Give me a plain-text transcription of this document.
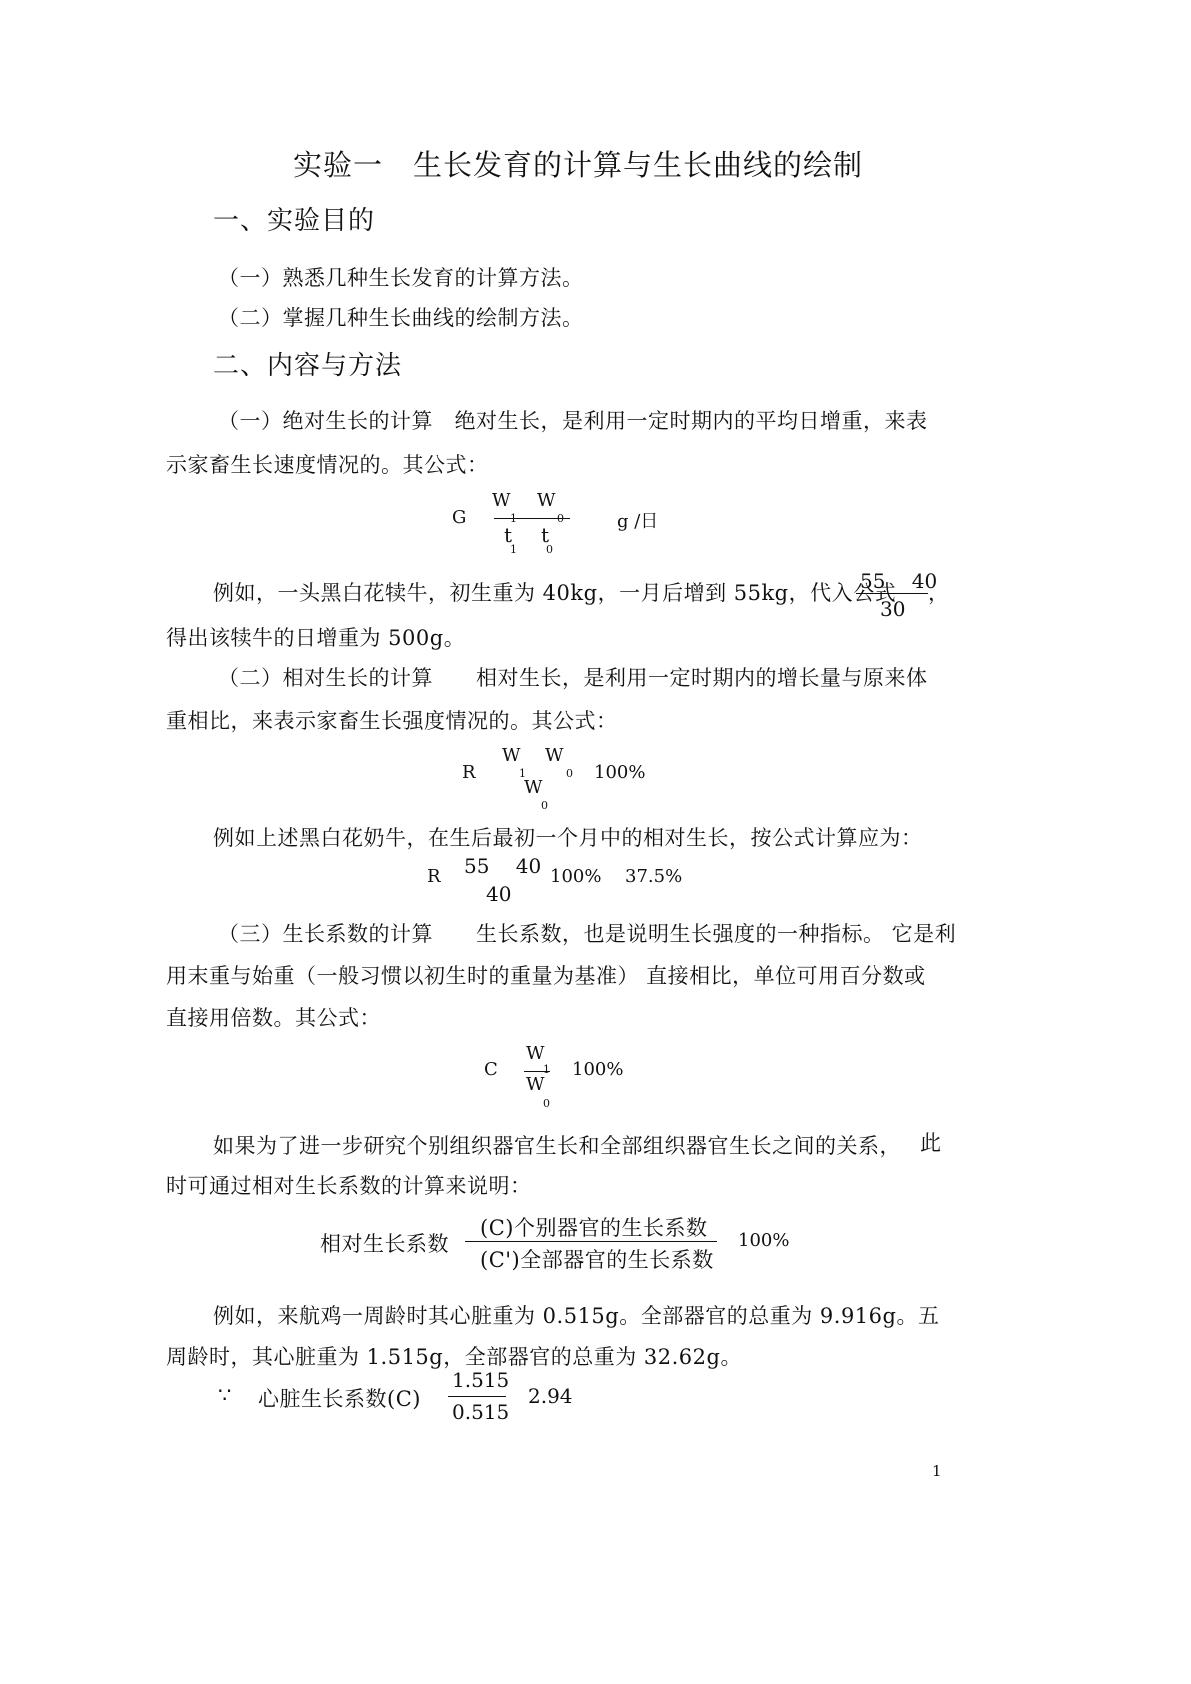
实验一　生长发育的计算与生长曲线的绘制
一、实验目的
（一）熟悉几种生长发育的计算方法。
（二）掌握几种生长曲线的绘制方法。
二、内容与方法
（一）绝对生长的计算　绝对生长，是利用一定时期内的平均日增重，来表
示家畜生长速度情况的。其公式：
G
W
1
W
0
t t
1	0
g /日
例如，一头黑白花犊牛，初生重为 40kg，一月后增到 55kg，代入公式
55　 40
30
，
得出该犊牛的日增重为 500g。
（二）相对生长的计算　　相对生长，是利用一定时期内的增长量与原来体
重相比，来表示家畜生长强度情况的。其公式：
R
W
1
W
0
W
0
100%
例如上述黑白花奶牛，在生后最初一个月中的相对生长，按公式计算应为：
R 55　 40
40
100% 37.5%
（三）生长系数的计算　　生长系数，也是说明生长强度的一种指标。 它是利
用末重与始重（一般习惯以初生时的重量为基准） 直接相比，单位可用百分数或
直接用倍数。其公式：
C
W
1
W
0
100%
如果为了进一步研究个别组织器官生长和全部组织器官生长之间的关系， 此
时可通过相对生长系数的计算来说明：
相对生长系数
(C)个别器官的生长系数
(C')全部器官的生长系数
100%
例如，来航鸡一周龄时其心脏重为 0.515g。全部器官的总重为 9.916g。五
周龄时，其心脏重为 1.515g，全部器官的总重为 32.62g。
∵ 心脏生长系数(C)
1.515
0.515
2.94
1
